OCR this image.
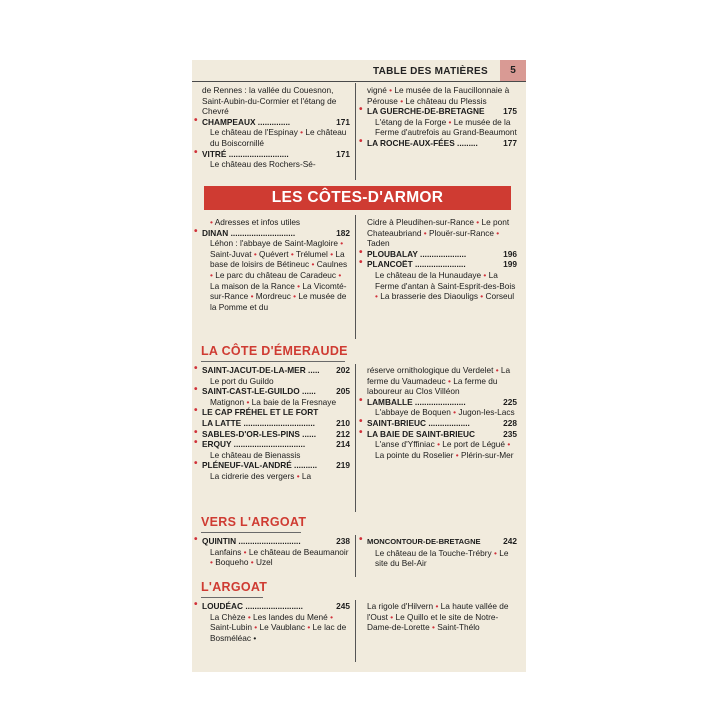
TABLE DES MATIÈRES	5

de Rennes : la vallée du Couesnon, Saint-Aubin-du-Cormier et l'étang de Chevré

• CHAMPEAUX ..............	171

Le château de l'Espinay • Le château du Boiscornillé

• VITRÉ ..........................	171

Le château des Rochers-Sé-

vigné • Le musée de la Faucillonnaie à Pérouse • Le château du Plessis

• LA GUERCHE-DE-BRETAGNE 175

L'étang de la Forge • Le musée de la Ferme d'autrefois au Grand-Beaumont

• LA ROCHE-AUX-FÉES .........	177
LES CÔTES-D'ARMOR

• Adresses et infos utiles

• DINAN ............................	182

Léhon : l'abbaye de Saint-Magloire • Saint-Juvat • Quévert • Trélumel • La base de loisirs de Bétineuc • Caulnes • Le parc du château de Caradeuc • La maison de la Rance • La Vicomté-sur-Rance • Mordreuc • Le musée de la Pomme et du

Cidre à Pleudihen-sur-Rance • Le pont Chateaubriand • Plouër-sur-Rance • Taden

• PLOUBALAY ....................	196
• PLANCOËT ......................	199

Le château de la Hunaudaye • La Ferme d'antan à Saint-Esprit-des-Bois • La brasserie des Diaouligs • Corseul

LA CÔTE D'ÉMERAUDE
• SAINT-JACUT-DE-LA-MER ..... 202

Le port du Guildo

• SAINT-CAST-LE-GUILDO ...... 205

Matignon • La baie de la Fresnaye

• LE CAP FRÉHEL ET LE FORT
LA LATTE ...............................	210
• SABLES-D'OR-LES-PINS ...... 212
• ERQUY ...............................	214

Le château de Bienassis

• PLÉNEUF-VAL-ANDRÉ .......... 219

La cidrerie des vergers • La

réserve ornithologique du Verdelet • La ferme du Vaumadeuc • La ferme du laboureur au Clos Villéon

• LAMBALLE ......................	225

L'abbaye de Boquen • Jugon-les-Lacs

• SAINT-BRIEUC ..................	228
• LA BAIE DE SAINT-BRIEUC	235

L'anse d'Yffiniac • Le port de Légué • La pointe du Roselier • Plérin-sur-Mer

VERS L'ARGOAT
• QUINTIN ...........................	238

Lanfains • Le château de Beaumanoir • Boqueho • Uzel

• MONCONTOUR-DE-BRETAGNE	242

Le château de la Touche-Trébry • Le site du Bel-Air

L'ARGOAT
• LOUDÉAC .........................	245

La Chèze • Les landes du Mené • Saint-Lubin • Le Vaublanc • Le lac de Bosméléac •

La rigole d'Hilvern • La haute vallée de l'Oust • Le Quillo et le site de Notre-Dame-de-Lorette • Saint-Thélo
